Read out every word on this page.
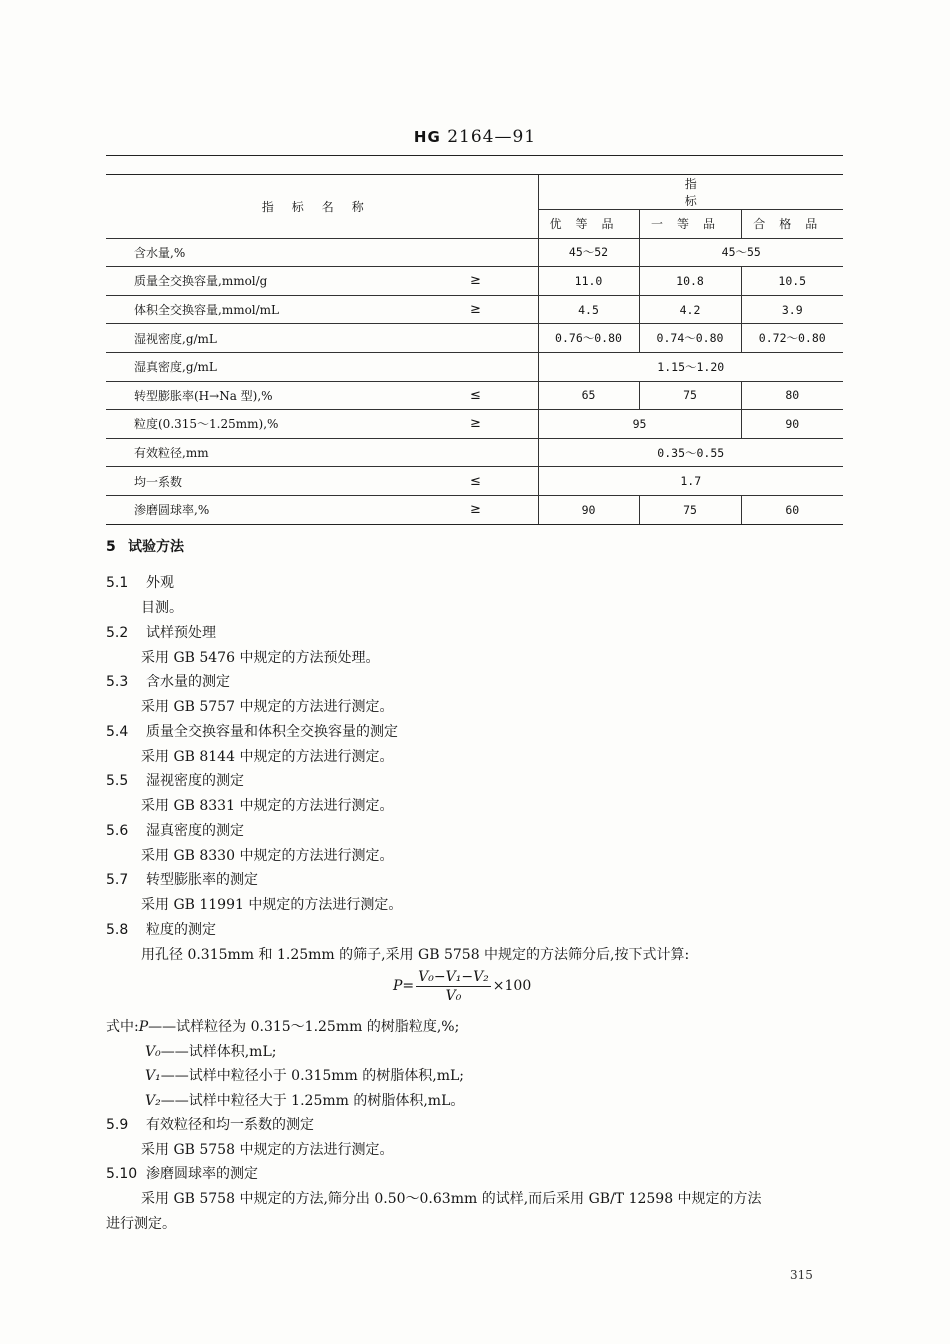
HG 2164—91
指标名称		指标		
		优等品	一等品	合格品
含水量,%		45～52	45～55	
质量全交换容量,mmol/g	≥	11.0	10.8	10.5
体积全交换容量,mmol/mL	≥	4.5	4.2	3.9
湿视密度,g/mL		0.76～0.80	0.74～0.80	0.72～0.80
湿真密度,g/mL		1.15～1.20		
转型膨胀率(H→Na 型),%	≤	65	75	80
粒度(0.315～1.25mm),%	≥	95		90
有效粒径,mm		0.35～0.55		
均一系数	≤	1.7		
渗磨圆球率,%	≥	90	75	60
5 试验方法
5.1 外观
目测。
5.2 试样预处理
采用 GB 5476 中规定的方法预处理。
5.3 含水量的测定
采用 GB 5757 中规定的方法进行测定。
5.4 质量全交换容量和体积全交换容量的测定
采用 GB 8144 中规定的方法进行测定。
5.5 湿视密度的测定
采用 GB 8331 中规定的方法进行测定。
5.6 湿真密度的测定
采用 GB 8330 中规定的方法进行测定。
5.7 转型膨胀率的测定
采用 GB 11991 中规定的方法进行测定。
5.8 粒度的测定
用孔径 0.315mm 和 1.25mm 的筛子,采用 GB 5758 中规定的方法筛分后,按下式计算:
$P= \frac{\text{V₀−V₁−V₂}}{\text{V₀}} \times 100$
式中:P——试样粒径为 0.315～1.25mm 的树脂粒度,%;
V₀——试样体积,mL;
V₁——试样中粒径小于 0.315mm 的树脂体积,mL;
V₂——试样中粒径大于 1.25mm 的树脂体积,mL。
5.9 有效粒径和均一系数的测定
采用 GB 5758 中规定的方法进行测定。
5.10 渗磨圆球率的测定
采用 GB 5758 中规定的方法,筛分出 0.50～0.63mm 的试样,而后采用 GB/T 12598 中规定的方法
进行测定。
315
